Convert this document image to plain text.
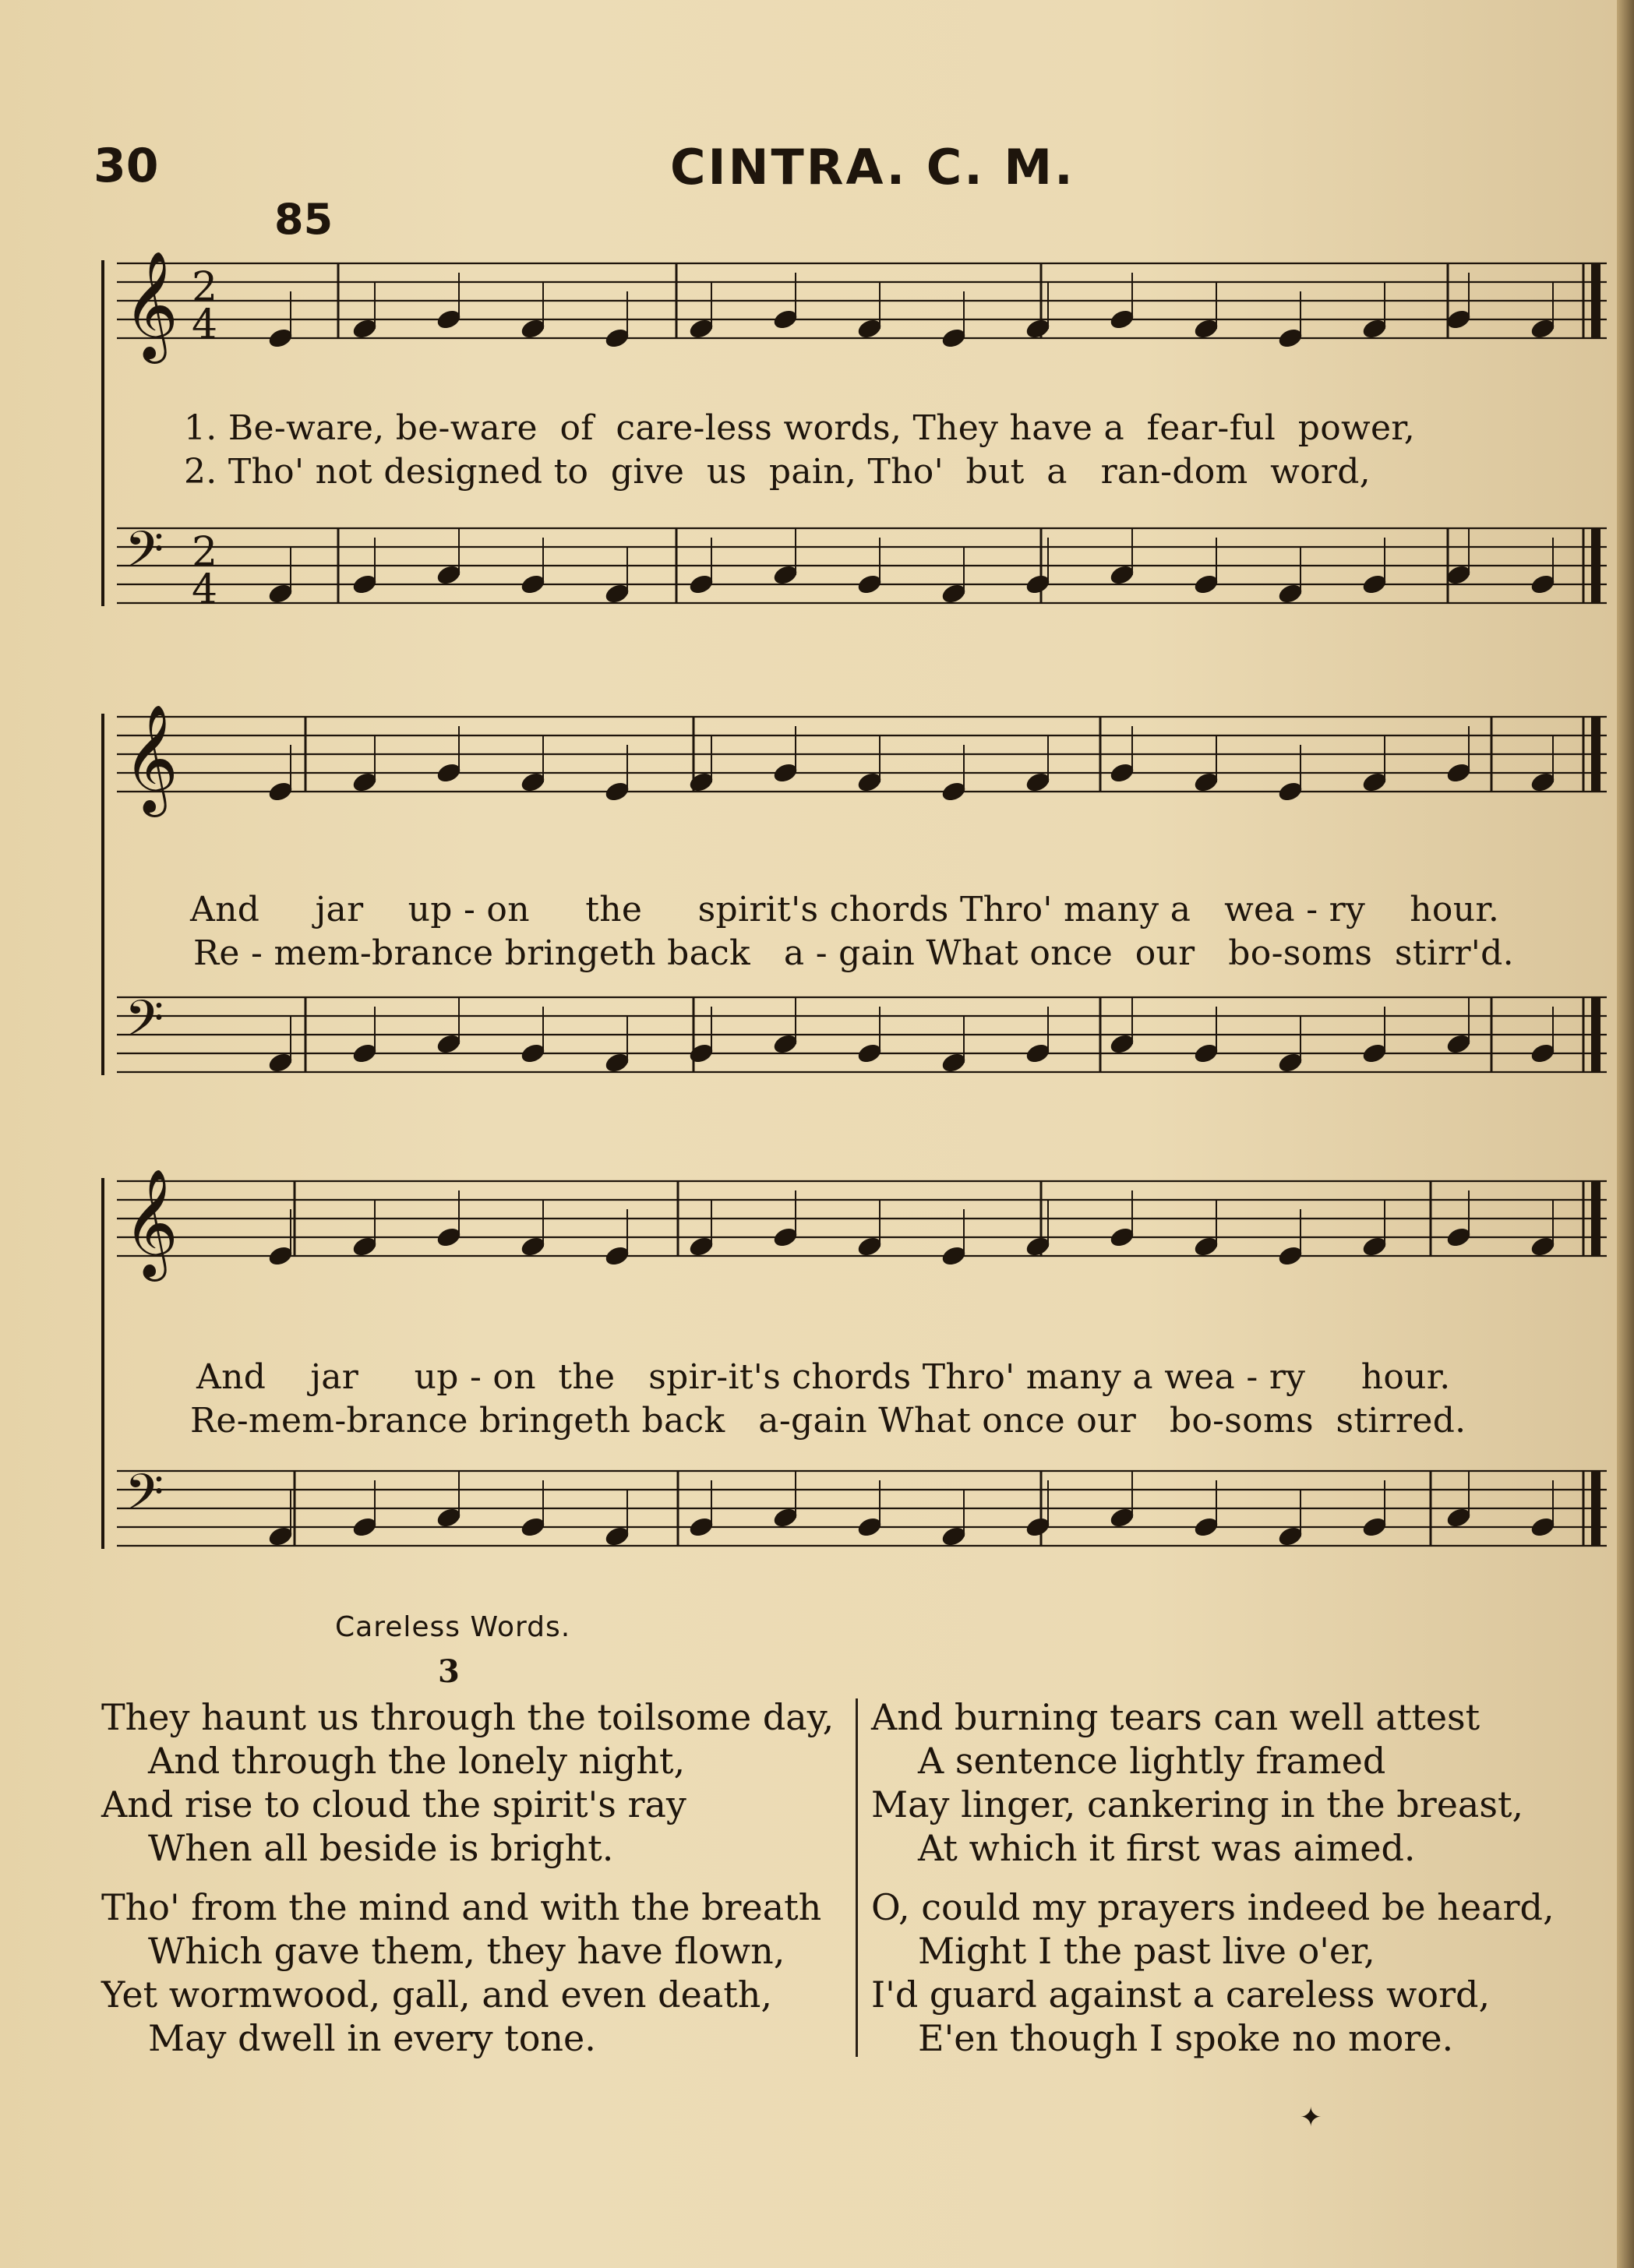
30	CINTRA. C. M.
85
𝄞
𝄢
2
4
2
4
𝄞
𝄢
𝄞
𝄢
1. Be-ware, be-ware  of  care-less words, They have a  fear-ful  power,
2. Tho' not designed to  give  us  pain, Tho'  but  a   ran-dom  word,
And     jar    up - on     the     spirit's chords Thro' many a   wea - ry    hour.
Re - mem-brance bringeth back   a - gain What once  our   bo-soms  stirr'd.
And    jar     up - on  the   spir-it's chords Thro' many a wea - ry     hour.
Re-mem-brance bringeth back   a-gain What once our   bo-soms  stirred.
Careless Words.
3
They haunt us through the toilsome day,
And through the lonely night,
And rise to cloud the spirit's ray
When all beside is bright.
Tho' from the mind and with the breath
Which gave them, they have flown,
Yet wormwood, gall, and even death,
May dwell in every tone.
And burning tears can well attest
A sentence lightly framed
May linger, cankering in the breast,
At which it first was aimed.
O, could my prayers indeed be heard,
Might I the past live o'er,
I'd guard against a careless word,
E'en though I spoke no more.
✦
